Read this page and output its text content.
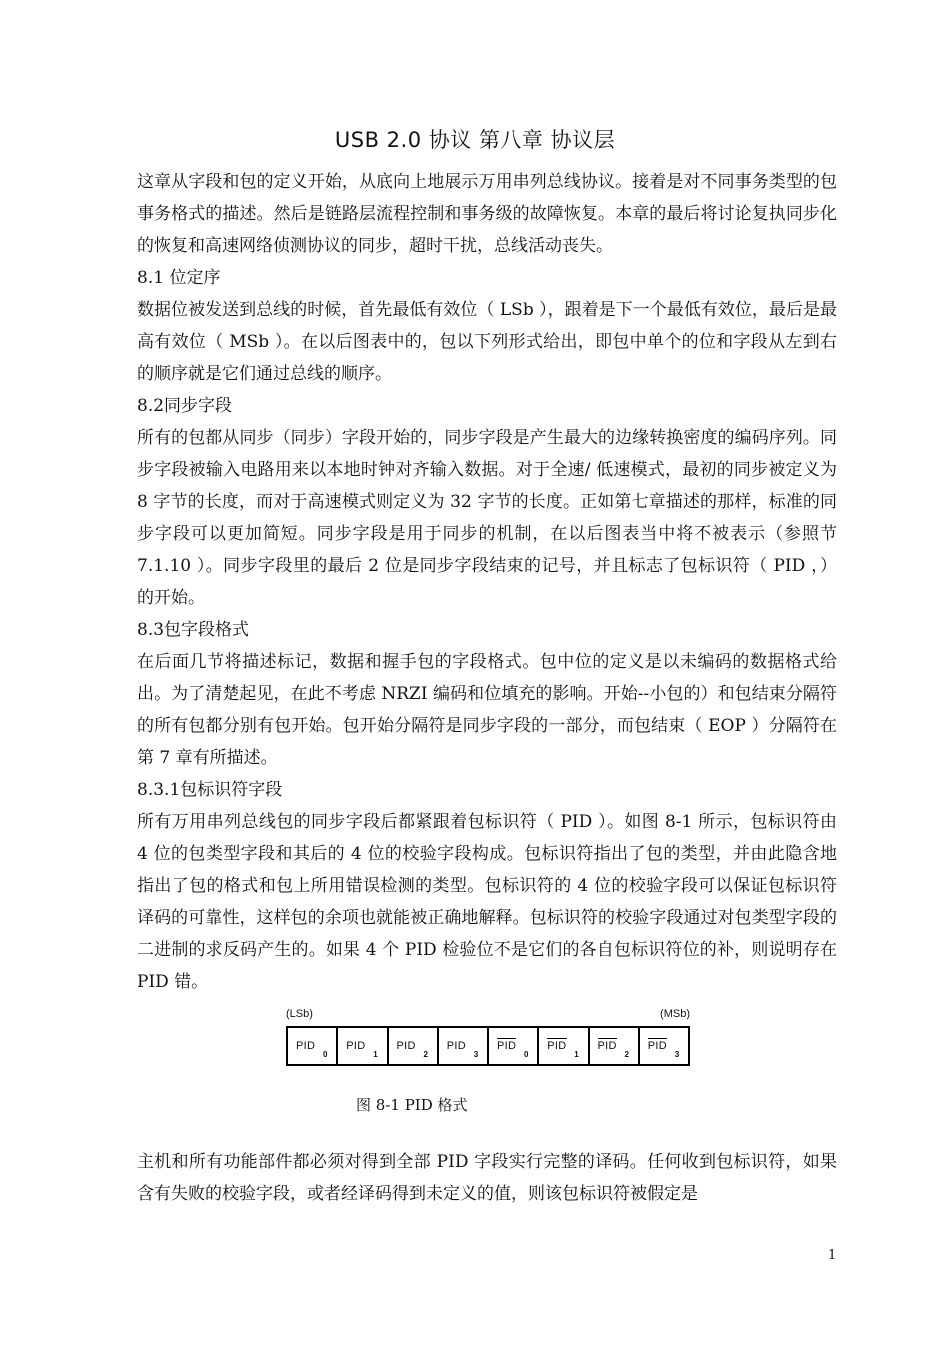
USB 2.0 协议 第八章 协议层

这章从字段和包的定义开始，从底向上地展示万用串列总线协议。接着是对不同事务类型的包事务格式的描述。然后是链路层流程控制和事务级的故障恢复。本章的最后将讨论复执同步化的恢复和高速网络侦测协议的同步，超时干扰，总线活动丧失。

8.1 位定序

数据位被发送到总线的时候，首先最低有效位（ LSb ），跟着是下一个最低有效位，最后是最高有效位（ MSb ）。在以后图表中的，包以下列形式给出，即包中单个的位和字段从左到右的顺序就是它们通过总线的顺序。

8.2同步字段

所有的包都从同步（同步）字段开始的，同步字段是产生最大的边缘转换密度的编码序列。同步字段被输入电路用来以本地时钟对齐输入数据。对于全速/ 低速模式，最初的同步被定义为 8 字节的长度，而对于高速模式则定义为 32 字节的长度。正如第七章描述的那样，标准的同步字段可以更加简短。同步字段是用于同步的机制，在以后图表当中将不被表示（参照节 7.1.10 ）。同步字段里的最后 2 位是同步字段结束的记号，并且标志了包标识符（ PID ，）的开始。

8.3包字段格式

在后面几节将描述标记，数据和握手包的字段格式。包中位的定义是以未编码的数据格式给出。为了清楚起见，在此不考虑 NRZI 编码和位填充的影响。开始--小包的）和包结束分隔符的所有包都分别有包开始。包开始分隔符是同步字段的一部分，而包结束（ EOP ）分隔符在第 7 章有所描述。

8.3.1包标识符字段

所有万用串列总线包的同步字段后都紧跟着包标识符（ PID ）。如图 8-1 所示，包标识符由 4 位的包类型字段和其后的 4 位的校验字段构成。包标识符指出了包的类型，并由此隐含地指出了包的格式和包上所用错误检测的类型。包标识符的 4 位的校验字段可以保证包标识符译码的可靠性，这样包的余项也就能被正确地解释。包标识符的校验字段通过对包类型字段的二进制的求反码产生的。如果 4 个 PID 检验位不是它们的各自包标识符位的补，则说明存在 PID 错。

(LSb)	(MSb)
PID
0
PID
1
PID
2
PID
3
PID
0
PID
1
PID
2
PID
3
图 8-1 PID 格式

主机和所有功能部件都必须对得到全部 PID 字段实行完整的译码。任何收到包标识符，如果含有失败的校验字段，或者经译码得到未定义的值，则该包标识符被假定是

1
